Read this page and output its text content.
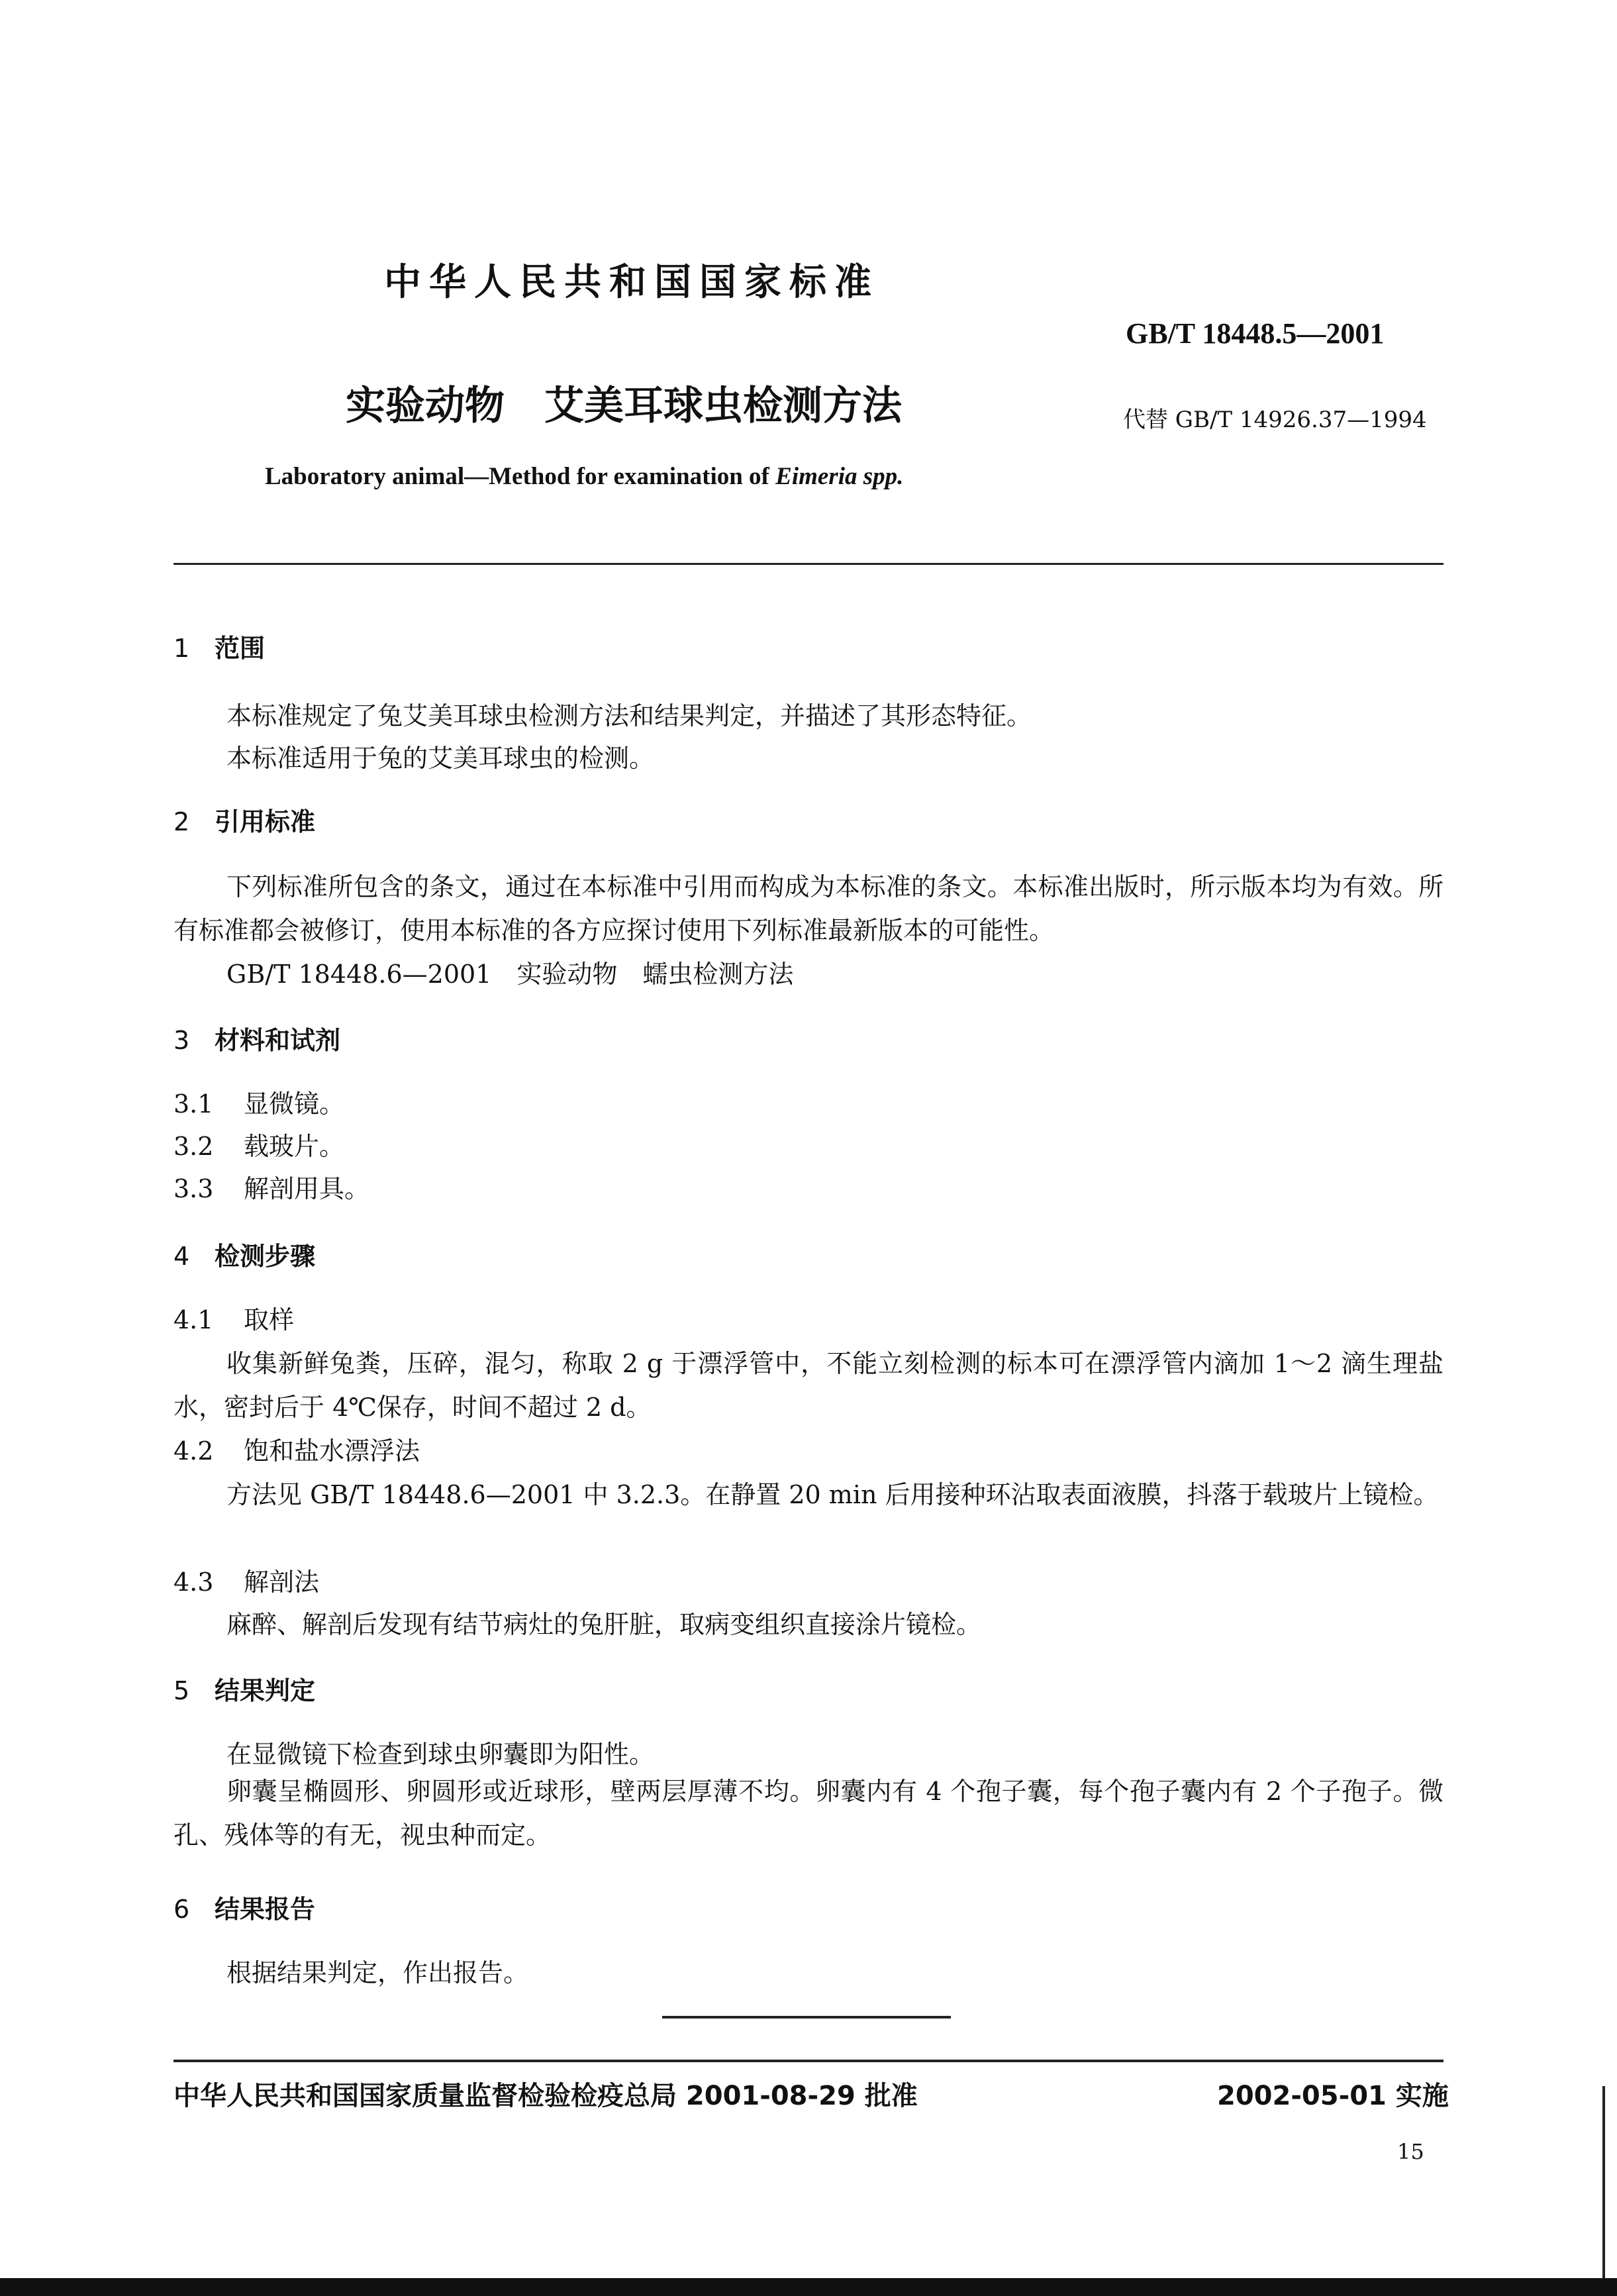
中华人民共和国国家标准

GB/T 18448.5—2001

实验动物　艾美耳球虫检测方法	代替 GB/T 14926.37—1994

Laboratory animal—Method for examination of Eimeria spp.

1 范围

本标准规定了兔艾美耳球虫检测方法和结果判定，并描述了其形态特征。

本标准适用于兔的艾美耳球虫的检测。

2 引用标准

下列标准所包含的条文，通过在本标准中引用而构成为本标准的条文。本标准出版时，所示版本均为有效。所有标准都会被修订，使用本标准的各方应探讨使用下列标准最新版本的可能性。

GB/T 18448.6—2001　实验动物　蠕虫检测方法

3 材料和试剂

3.1 显微镜。

3.2 载玻片。

3.3 解剖用具。

4 检测步骤

4.1 取样

收集新鲜兔粪，压碎，混匀，称取 2 g 于漂浮管中，不能立刻检测的标本可在漂浮管内滴加 1～2 滴生理盐水，密封后于 4℃保存，时间不超过 2 d。

4.2 饱和盐水漂浮法

方法见 GB/T 18448.6—2001 中 3.2.3。在静置 20 min 后用接种环沾取表面液膜，抖落于载玻片上镜检。

4.3 解剖法

麻醉、解剖后发现有结节病灶的兔肝脏，取病变组织直接涂片镜检。

5 结果判定

在显微镜下检查到球虫卵囊即为阳性。

卵囊呈椭圆形、卵圆形或近球形，壁两层厚薄不均。卵囊内有 4 个孢子囊，每个孢子囊内有 2 个子孢子。微孔、残体等的有无，视虫种而定。

6 结果报告

根据结果判定，作出报告。

中华人民共和国国家质量监督检验检疫总局 2001-08-29 批准	2002-05-01 实施

15
